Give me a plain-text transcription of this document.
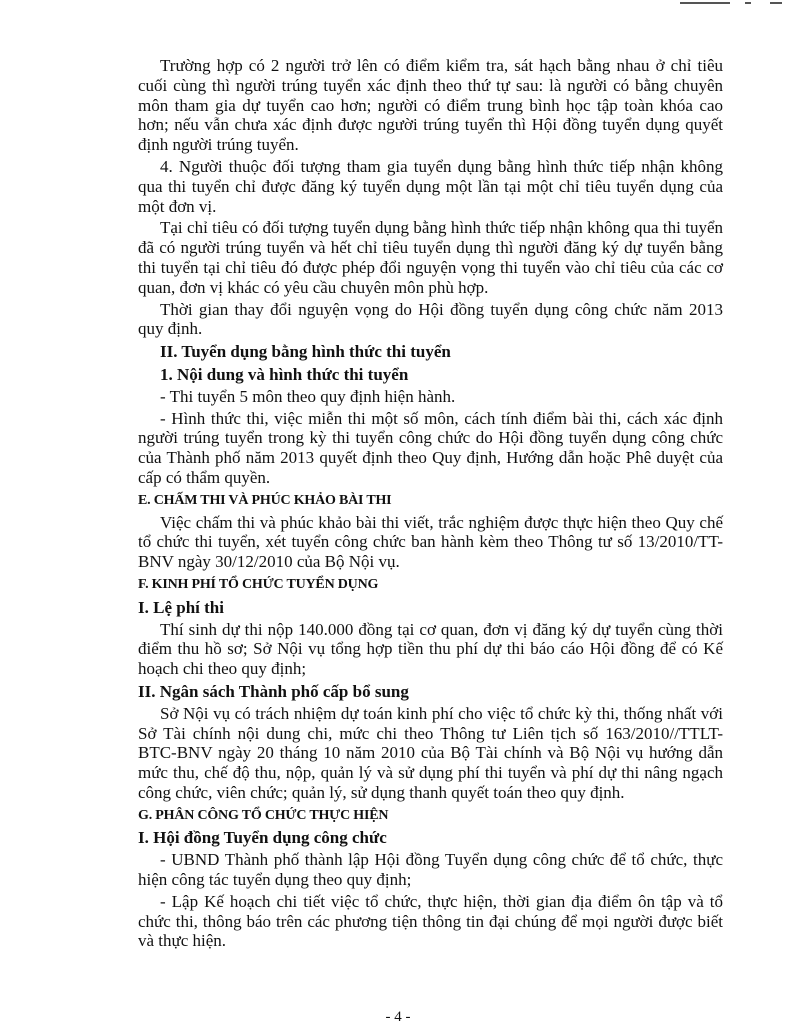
Trường hợp có 2 người trở lên có điểm kiểm tra, sát hạch bằng nhau ở chỉ tiêu cuối cùng thì người trúng tuyển xác định theo thứ tự sau: là người có bằng chuyên môn tham gia dự tuyển cao hơn; người có điểm trung bình học tập toàn khóa cao hơn; nếu vẫn chưa xác định được người trúng tuyển thì Hội đồng tuyển dụng quyết định người trúng tuyển.

4. Người thuộc đối tượng tham gia tuyển dụng bằng hình thức tiếp nhận không qua thi tuyển chỉ được đăng ký tuyển dụng một lần tại một chỉ tiêu tuyển dụng của một đơn vị.

Tại chỉ tiêu có đối tượng tuyển dụng bằng hình thức tiếp nhận không qua thi tuyển đã có người trúng tuyển và hết chỉ tiêu tuyển dụng thì người đăng ký dự tuyển bằng thi tuyển tại chỉ tiêu đó được phép đổi nguyện vọng thi tuyển vào chỉ tiêu của các cơ quan, đơn vị khác có yêu cầu chuyên môn phù hợp.

Thời gian thay đổi nguyện vọng do Hội đồng tuyển dụng công chức năm 2013 quy định.

II. Tuyển dụng bằng hình thức thi tuyển

1. Nội dung và hình thức thi tuyển

- Thi tuyển 5 môn theo quy định hiện hành.

- Hình thức thi, việc miễn thi một số môn, cách tính điểm bài thi, cách xác định người trúng tuyển trong kỳ thi tuyển công chức do Hội đồng tuyển dụng công chức của Thành phố năm 2013 quyết định theo Quy định, Hướng dẫn hoặc Phê duyệt của cấp có thẩm quyền.

E. CHẤM THI VÀ PHÚC KHẢO BÀI THI

Việc chấm thi và phúc khảo bài thi viết, trắc nghiệm được thực hiện theo Quy chế tổ chức thi tuyển, xét tuyển công chức ban hành kèm theo Thông tư số 13/2010/TT-BNV ngày 30/12/2010 của Bộ Nội vụ.

F. KINH PHÍ TỔ CHỨC TUYỂN DỤNG

I. Lệ phí thi

Thí sinh dự thi nộp 140.000 đồng tại cơ quan, đơn vị đăng ký dự tuyển cùng thời điểm thu hồ sơ; Sở Nội vụ tổng hợp tiền thu phí dự thi báo cáo Hội đồng để có Kế hoạch chi theo quy định;

II. Ngân sách Thành phố cấp bổ sung

Sở Nội vụ có trách nhiệm dự toán kinh phí cho việc tổ chức kỳ thi, thống nhất với Sở Tài chính nội dung chi, mức chi theo Thông tư Liên tịch số 163/2010//TTLT-BTC-BNV ngày 20 tháng 10 năm 2010 của Bộ Tài chính và Bộ Nội vụ hướng dẫn mức thu, chế độ thu, nộp, quản lý và sử dụng phí thi tuyển và phí dự thi nâng ngạch công chức, viên chức; quản lý, sử dụng thanh quyết toán theo quy định.

G. PHÂN CÔNG TỔ CHỨC THỰC HIỆN

I. Hội đồng Tuyển dụng công chức

- UBND Thành phố thành lập Hội đồng Tuyển dụng công chức để tổ chức, thực hiện công tác tuyển dụng theo quy định;

- Lập Kế hoạch chi tiết việc tổ chức, thực hiện, thời gian địa điểm ôn tập và tổ chức thi, thông báo trên các phương tiện thông tin đại chúng để mọi người được biết và thực hiện.

- 4 -
